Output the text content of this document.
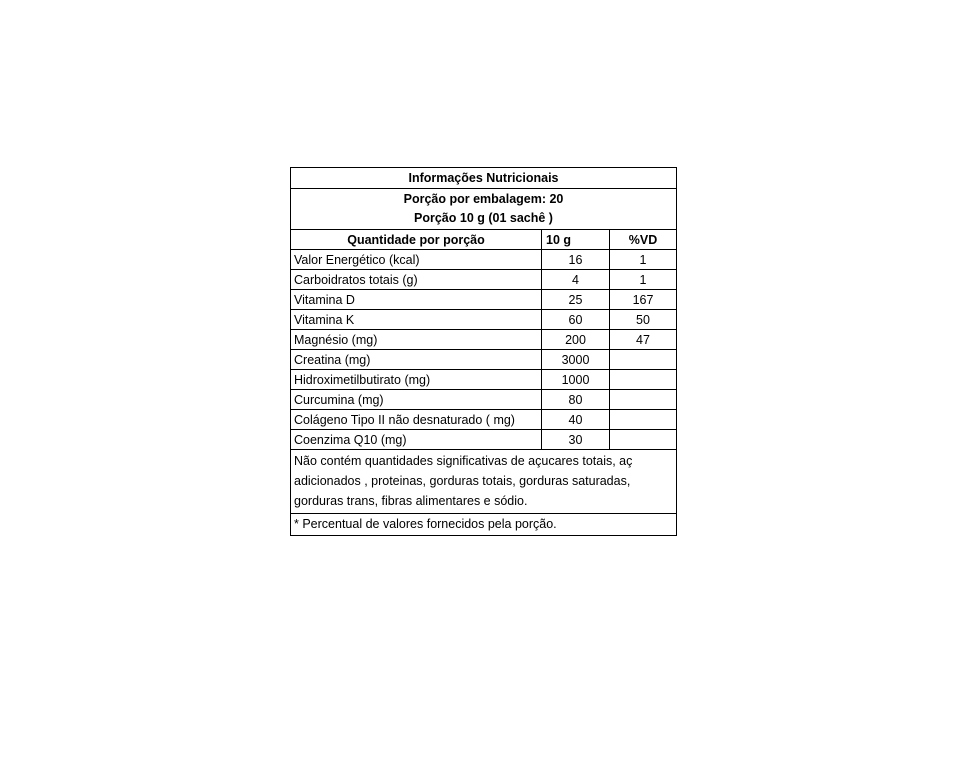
Informações Nutricionais
Porção por embalagem: 20
Porção 10 g (01 sachê )
Quantidade por porção	10 g	%VD
Valor Energético (kcal)	16	1
Carboidratos totais (g)	4	1
Vitamina D	25	167
Vitamina K	60	50
Magnésio (mg)	200	47
Creatina (mg)	3000	
Hidroximetilbutirato (mg)	1000	
Curcumina (mg)	80	
Colágeno Tipo II não desnaturado ( mg)	40	
Coenzima Q10 (mg)	30	
Não contém quantidades significativas de açucares totais, aç
adicionados , proteinas, gorduras totais, gorduras saturadas,
gorduras trans, fibras alimentares e sódio.
* Percentual de valores fornecidos pela porção.
